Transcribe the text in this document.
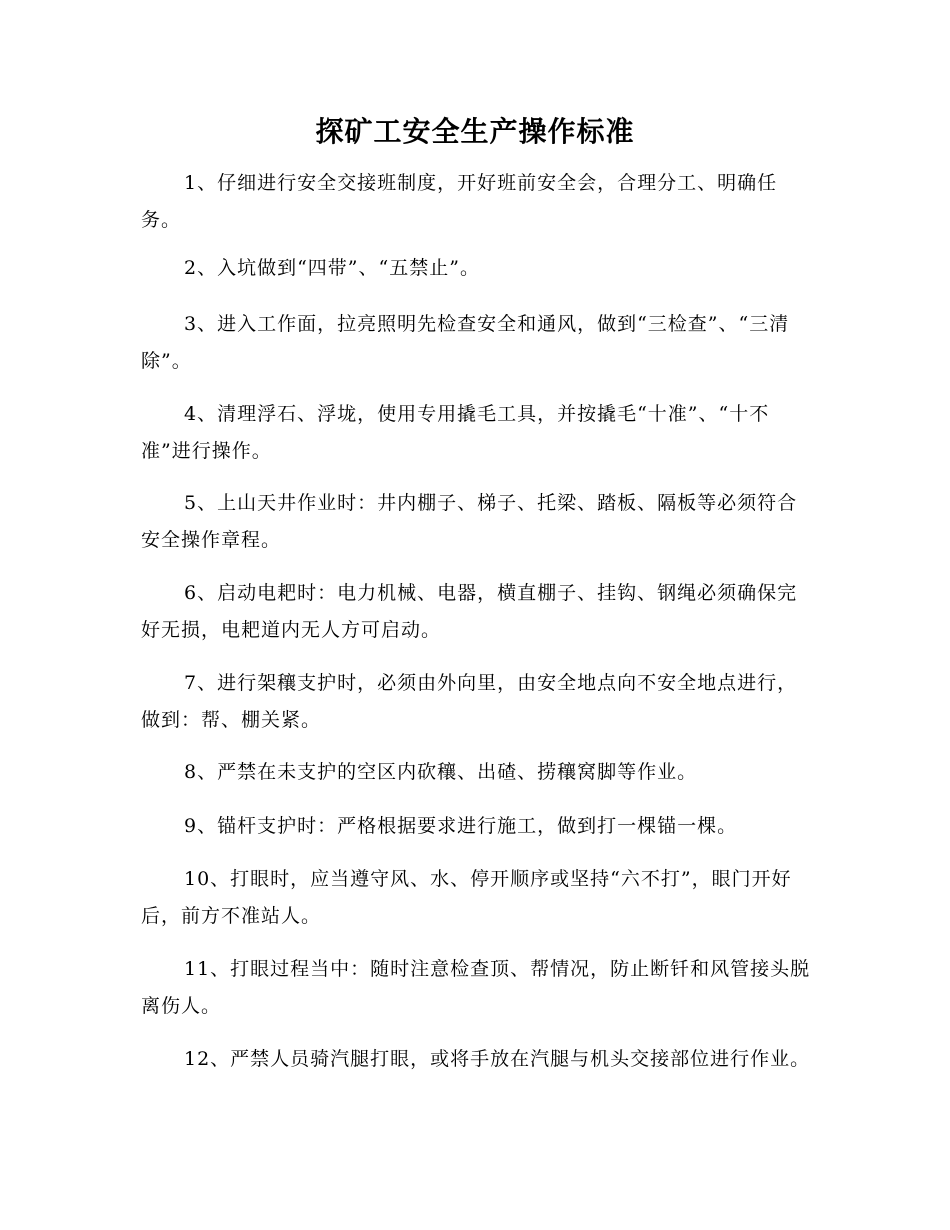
探矿工安全生产操作标准

1、仔细进行安全交接班制度，开好班前安全会，合理分工、明确任务。

2、入坑做到“四带”、“五禁止”。

3、进入工作面，拉亮照明先检查安全和通风，做到“三检查”、“三清除”。

4、清理浮石、浮垅，使用专用撬毛工具，并按撬毛“十准”、“十不准”进行操作。

5、上山天井作业时：井内棚子、梯子、托梁、踏板、隔板等必须符合安全操作章程。

6、启动电耙时：电力机械、电器，横直棚子、挂钩、钢绳必须确保完好无损，电耙道内无人方可启动。

7、进行架穰支护时，必须由外向里，由安全地点向不安全地点进行，做到：帮、棚关紧。

8、严禁在未支护的空区内砍穰、出碴、捞穰窝脚等作业。

9、锚杆支护时：严格根据要求进行施工，做到打一棵锚一棵。

10、打眼时，应当遵守风、水、停开顺序或坚持“六不打”，眼门开好后，前方不准站人。

11、打眼过程当中：随时注意检查顶、帮情况，防止断钎和风管接头脱离伤人。

12、严禁人员骑汽腿打眼，或将手放在汽腿与机头交接部位进行作业。
